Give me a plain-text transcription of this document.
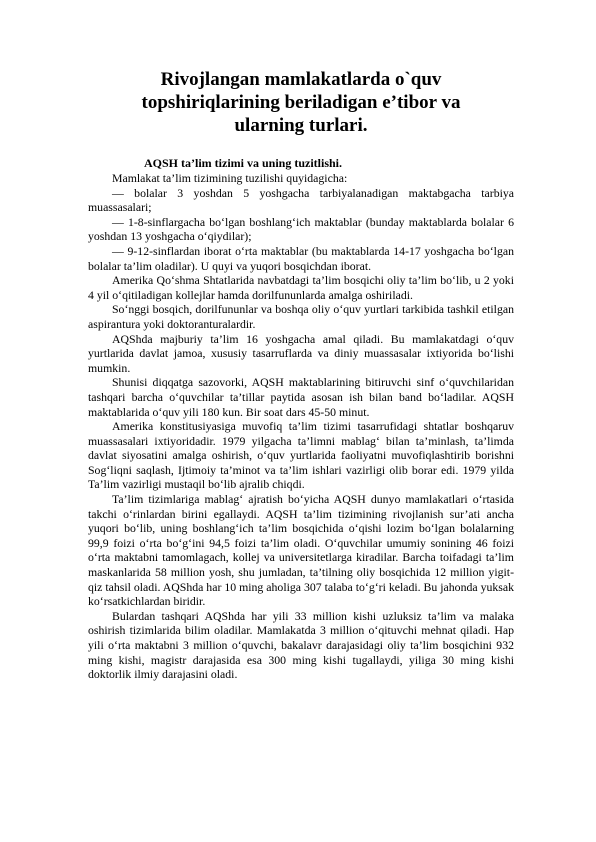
Rivojlangan mamlakatlarda o`quv
topshiriqlarining beriladigan e’tibor va
ularning turlari.
AQSH ta’lim tizimi va uning tuzitlishi.

Mamlakat ta’lim tizimining tuzilishi quyidagicha:

— bolalar 3 yoshdan 5 yoshgacha tarbiyalanadigan maktabgacha tarbiya muassasalari;

— 1-8-sinflargacha bo‘lgan boshlang‘ich maktablar (bunday maktablarda bolalar 6 yoshdan 13 yoshgacha o‘qiydilar);

— 9-12-sinflardan iborat o‘rta maktablar (bu maktablarda 14-17 yoshgacha bo‘lgan bolalar ta’lim oladilar). U quyi va yuqori bosqichdan iborat.

Amerika Qo‘shma Shtatlarida navbatdagi ta’lim bosqichi oliy ta’lim bo‘lib, u 2 yoki 4 yil o‘qitiladigan kollejlar hamda dorilfununlarda amalga oshiriladi.

So‘nggi bosqich, dorilfununlar va boshqa oliy o‘quv yurtlari tarkibida tashkil etilgan aspirantura yoki doktoranturalardir.

AQShda majburiy ta’lim 16 yoshgacha amal qiladi. Bu mamlakatdagi o‘quv yurtlarida davlat jamoa, xususiy tasarruflarda va diniy muassasalar ixtiyorida bo‘lishi mumkin.

Shunisi diqqatga sazovorki, AQSH maktablarining bitiruvchi sinf o‘quvchilaridan tashqari barcha o‘quvchilar ta’tillar paytida asosan ish bilan band bo‘ladilar. AQSH maktablarida o‘quv yili 180 kun. Bir soat dars 45-50 minut.

Amerika konstitusiyasiga muvofiq ta’lim tizimi tasarrufidagi shtatlar boshqaruv muassasalari ixtiyoridadir. 1979 yilgacha ta’limni mablag‘ bilan ta’minlash, ta’limda davlat siyosatini amalga oshirish, o‘quv yurtlarida faoliyatni muvofiqlashtirib borishni Sog‘liqni saqlash, Ijtimoiy ta’minot va ta’lim ishlari vazirligi olib borar edi. 1979 yilda Ta’lim vazirligi mustaqil bo‘lib ajralib chiqdi.

Ta’lim tizimlariga mablag‘ ajratish bo‘yicha AQSH dunyo mamlakatlari o‘rtasida takchi o‘rinlardan birini egallaydi. AQSH ta’lim tizimining rivojlanish sur’ati ancha yuqori bo‘lib, uning boshlang‘ich ta’lim bosqichida o‘qishi lozim bo‘lgan bolalarning 99,9 foizi o‘rta bo‘g‘ini 94,5 foizi ta’lim oladi. O‘quvchilar umumiy sonining 46 foizi o‘rta maktabni tamomlagach, kollej va universitetlarga kiradilar. Barcha toifadagi ta’lim maskanlarida 58 million yosh, shu jumladan, ta’tilning oliy bosqichida 12 million yigit-qiz tahsil oladi. AQShda har 10 ming aholiga 307 talaba to‘g‘ri keladi. Bu jahonda yuksak ko‘rsatkichlardan biridir.

Bulardan tashqari AQShda har yili 33 million kishi uzluksiz ta’lim va malaka oshirish tizimlarida bilim oladilar. Mamlakatda 3 million o‘qituvchi mehnat qiladi. Hap yili o‘rta maktabni 3 million o‘quvchi, bakalavr darajasidagi oliy ta’lim bosqichini 932 ming kishi, magistr darajasida esa 300 ming kishi tugallaydi, yiliga 30 ming kishi doktorlik ilmiy darajasini oladi.
